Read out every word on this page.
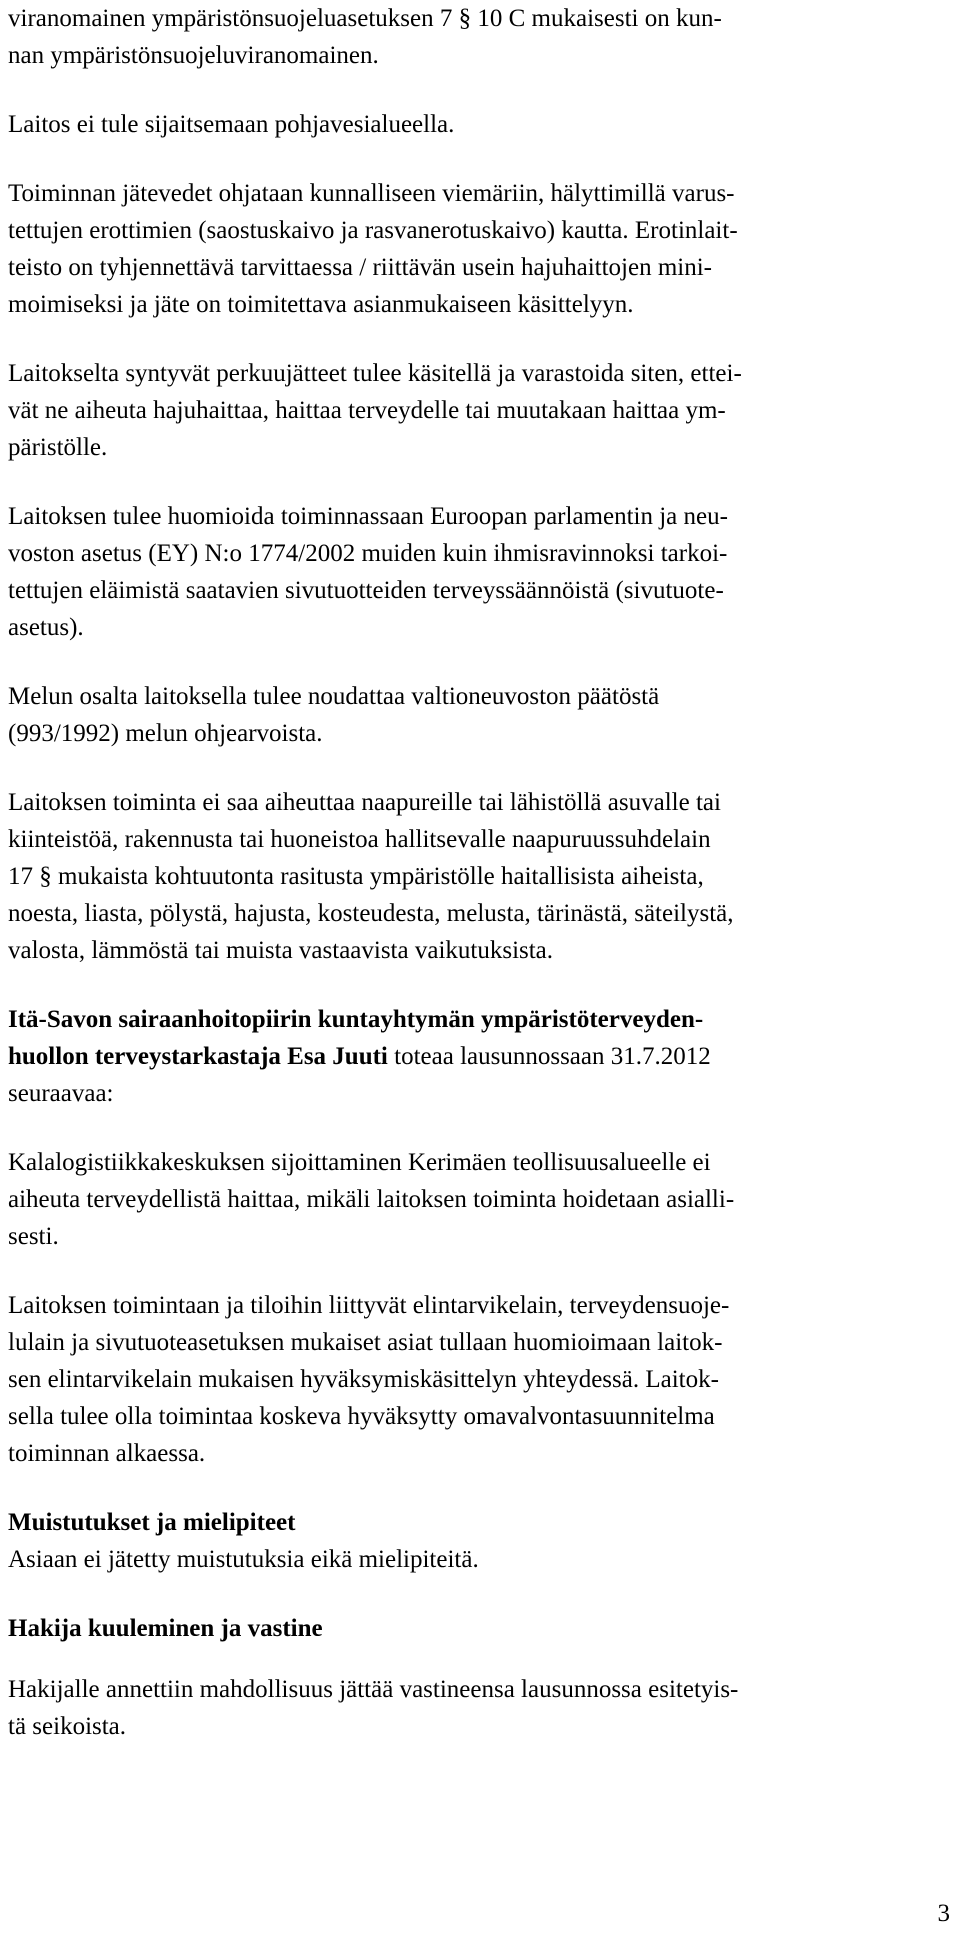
viranomainen ympäristönsuojeluasetuksen 7 § 10 C mukaisesti on kun-
nan ympäristönsuojeluviranomainen.

Laitos ei tule sijaitsemaan pohjavesialueella.

Toiminnan jätevedet ohjataan kunnalliseen viemäriin, hälyttimillä varus-
tettujen erottimien (saostuskaivo ja rasvanerotuskaivo) kautta. Erotinlait-
teisto on tyhjennettävä tarvittaessa / riittävän usein hajuhaittojen mini-
moimiseksi ja jäte on toimitettava asianmukaiseen käsittelyyn.

Laitokselta syntyvät perkuujätteet tulee käsitellä ja varastoida siten, ettei-
vät ne aiheuta hajuhaittaa, haittaa terveydelle tai muutakaan haittaa ym-
päristölle.

Laitoksen tulee huomioida toiminnassaan Euroopan parlamentin ja neu-
voston asetus (EY) N:o 1774/2002 muiden kuin ihmisravinnoksi tarkoi-
tettujen eläimistä saatavien sivutuotteiden terveyssäännöistä (sivutuote-
asetus).

Melun osalta laitoksella tulee noudattaa valtioneuvoston päätöstä
(993/1992) melun ohjearvoista.

Laitoksen toiminta ei saa aiheuttaa naapureille tai lähistöllä asuvalle tai
kiinteistöä, rakennusta tai huoneistoa hallitsevalle naapuruussuhdelain
17 § mukaista kohtuutonta rasitusta ympäristölle haitallisista aiheista,
noesta, liasta, pölystä, hajusta, kosteudesta, melusta, tärinästä, säteilystä,
valosta, lämmöstä tai muista vastaavista vaikutuksista.

Itä-Savon sairaanhoitopiirin kuntayhtymän ympäristöterveyden-
huollon terveystarkastaja Esa Juuti toteaa lausunnossaan 31.7.2012
seuraavaa:

Kalalogistiikkakeskuksen sijoittaminen Kerimäen teollisuusalueelle ei
aiheuta terveydellistä haittaa, mikäli laitoksen toiminta hoidetaan asialli-
sesti.

Laitoksen toimintaan ja tiloihin liittyvät elintarvikelain, terveydensuoje-
lulain ja sivutuoteasetuksen mukaiset asiat tullaan huomioimaan laitok-
sen elintarvikelain mukaisen hyväksymiskäsittelyn yhteydessä. Laitok-
sella tulee olla toimintaa koskeva hyväksytty omavalvontasuunnitelma
toiminnan alkaessa.

Muistutukset ja mielipiteet
Asiaan ei jätetty muistutuksia eikä mielipiteitä.

Hakija kuuleminen ja vastine

Hakijalle annettiin mahdollisuus jättää vastineensa lausunnossa esitetyis-
tä seikoista.

3
